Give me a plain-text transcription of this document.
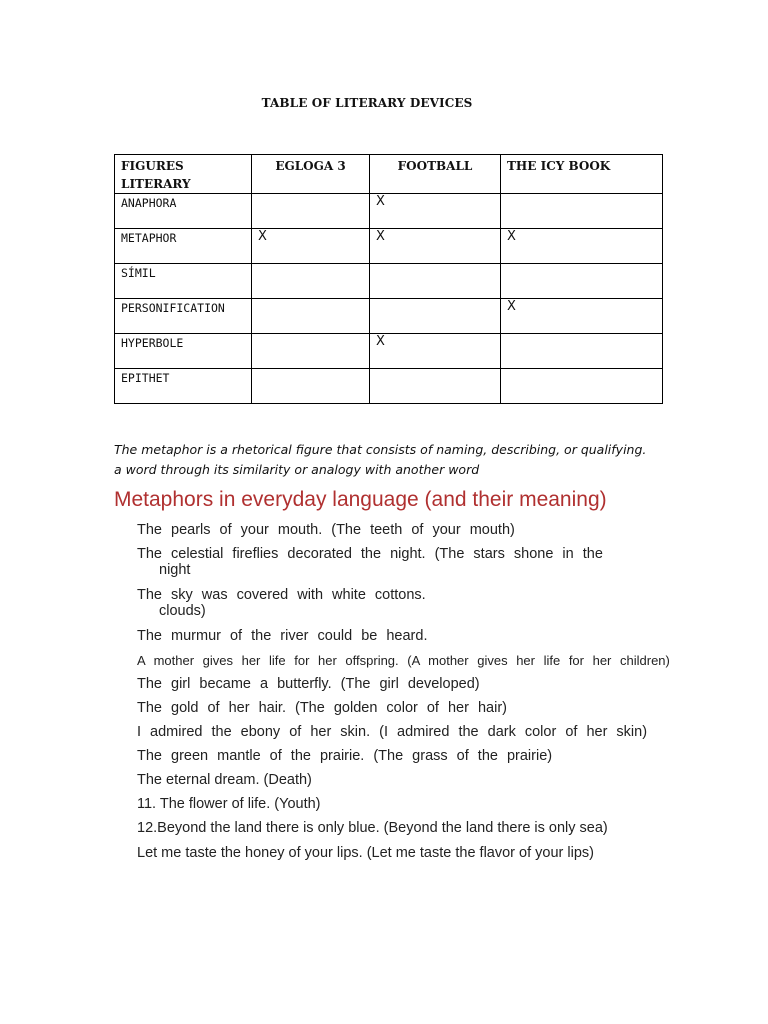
TABLE OF LITERARY DEVICES
FIGURES LITERARY	EGLOGA 3	FOOTBALL	THE ICY BOOK
ANAPHORA		X	
METAPHOR	X	X	X
SÍMIL			
PERSONIFICATION			X
HYPERBOLE		X	
EPITHET			
The metaphor is a rhetorical figure that consists of naming, describing, or qualifying.
a word through its similarity or analogy with another word
Metaphors in everyday language (and their meaning)
The pearls of your mouth. (The teeth of your mouth)
The celestial fireflies decorated the night. (The stars shone in the
night
The sky was covered with white cottons.
clouds)
The murmur of the river could be heard.
A mother gives her life for her offspring. (A mother gives her life for her children)
The girl became a butterfly. (The girl developed)
The gold of her hair. (The golden color of her hair)
I admired the ebony of her skin. (I admired the dark color of her skin)
The green mantle of the prairie. (The grass of the prairie)
The eternal dream. (Death)
11. The flower of life. (Youth)
12.Beyond the land there is only blue. (Beyond the land there is only sea)
Let me taste the honey of your lips. (Let me taste the flavor of your lips)
